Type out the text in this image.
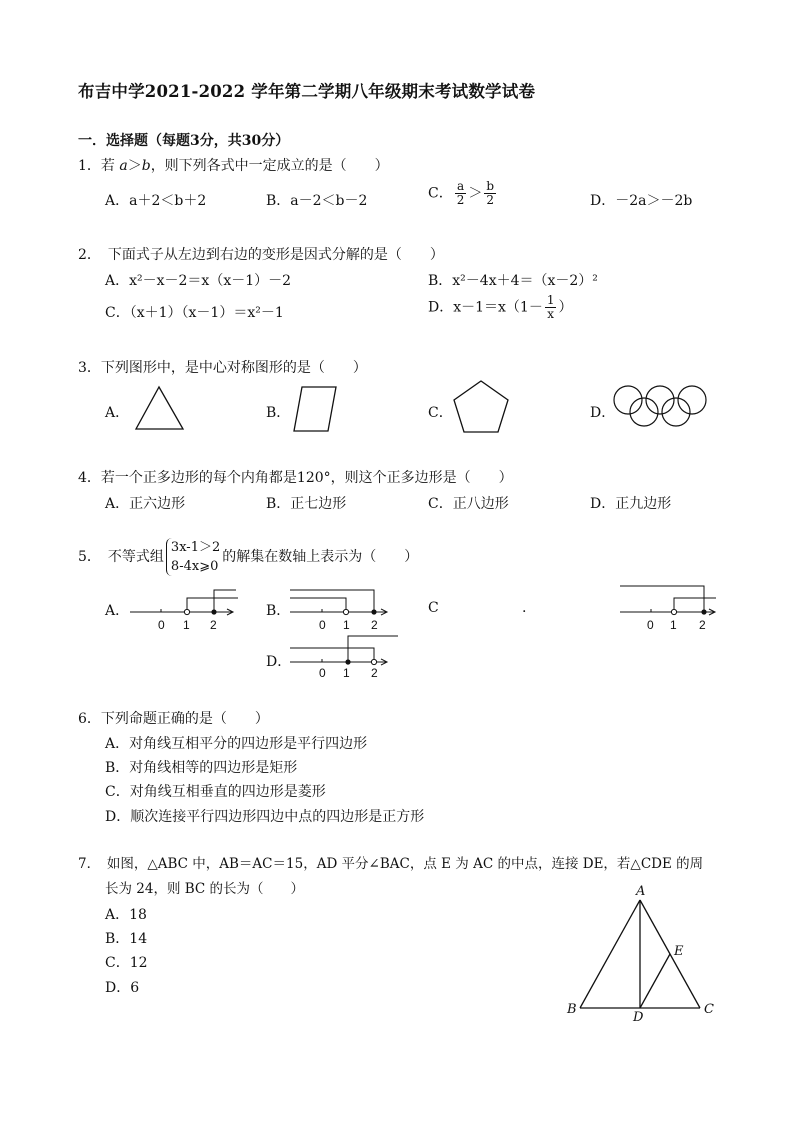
布吉中学2021-2022 学年第二学期八年级期末考试数学试卷
一．选择题（每题3分，共30分）
1．若 a＞b，则下列各式中一定成立的是（　　）
A．a＋2＜b＋2	B．a－2＜b－2	C． $\frac{a}{2} > \frac{b}{2}$	D．－2a＞－2b
2．　下面式子从左边到右边的变形是因式分解的是（　　）
A．x²－x－2＝x（x－1）－2	B．x²－4x＋4＝（x－2）²
C．（x＋1）（x－1）＝x²－1	D．$x-1=x(1- \frac{1}{x}$ ）
3．下列图形中，是中心对称图形的是（　　）
A．	B．	C．	D．
4．若一个正多边形的每个内角都是120°，则这个正多边形是（　　）
A．正六边形	B．正七边形	C．正八边形	D．正九边形
5．　不等式组
3x-1＞2
8-4x⩾0
的解集在数轴上表示为（　　）
A．
0 1 2
B．
0 1 2
C	.
0 1 2
D．
0 1 2
6．下列命题正确的是（　　）
A．对角线互相平分的四边形是平行四边形
B．对角线相等的四边形是矩形
C．对角线互相垂直的四边形是菱形
D．顺次连接平行四边形四边中点的四边形是正方形
7．　如图，△ABC 中，AB＝AC＝15，AD 平分∠BAC，点 E 为 AC 的中点，连接 DE，若△CDE 的周
长为 24，则 BC 的长为（　　）
A．18
B．14
C．12
D．6
A
B	C
D
E
